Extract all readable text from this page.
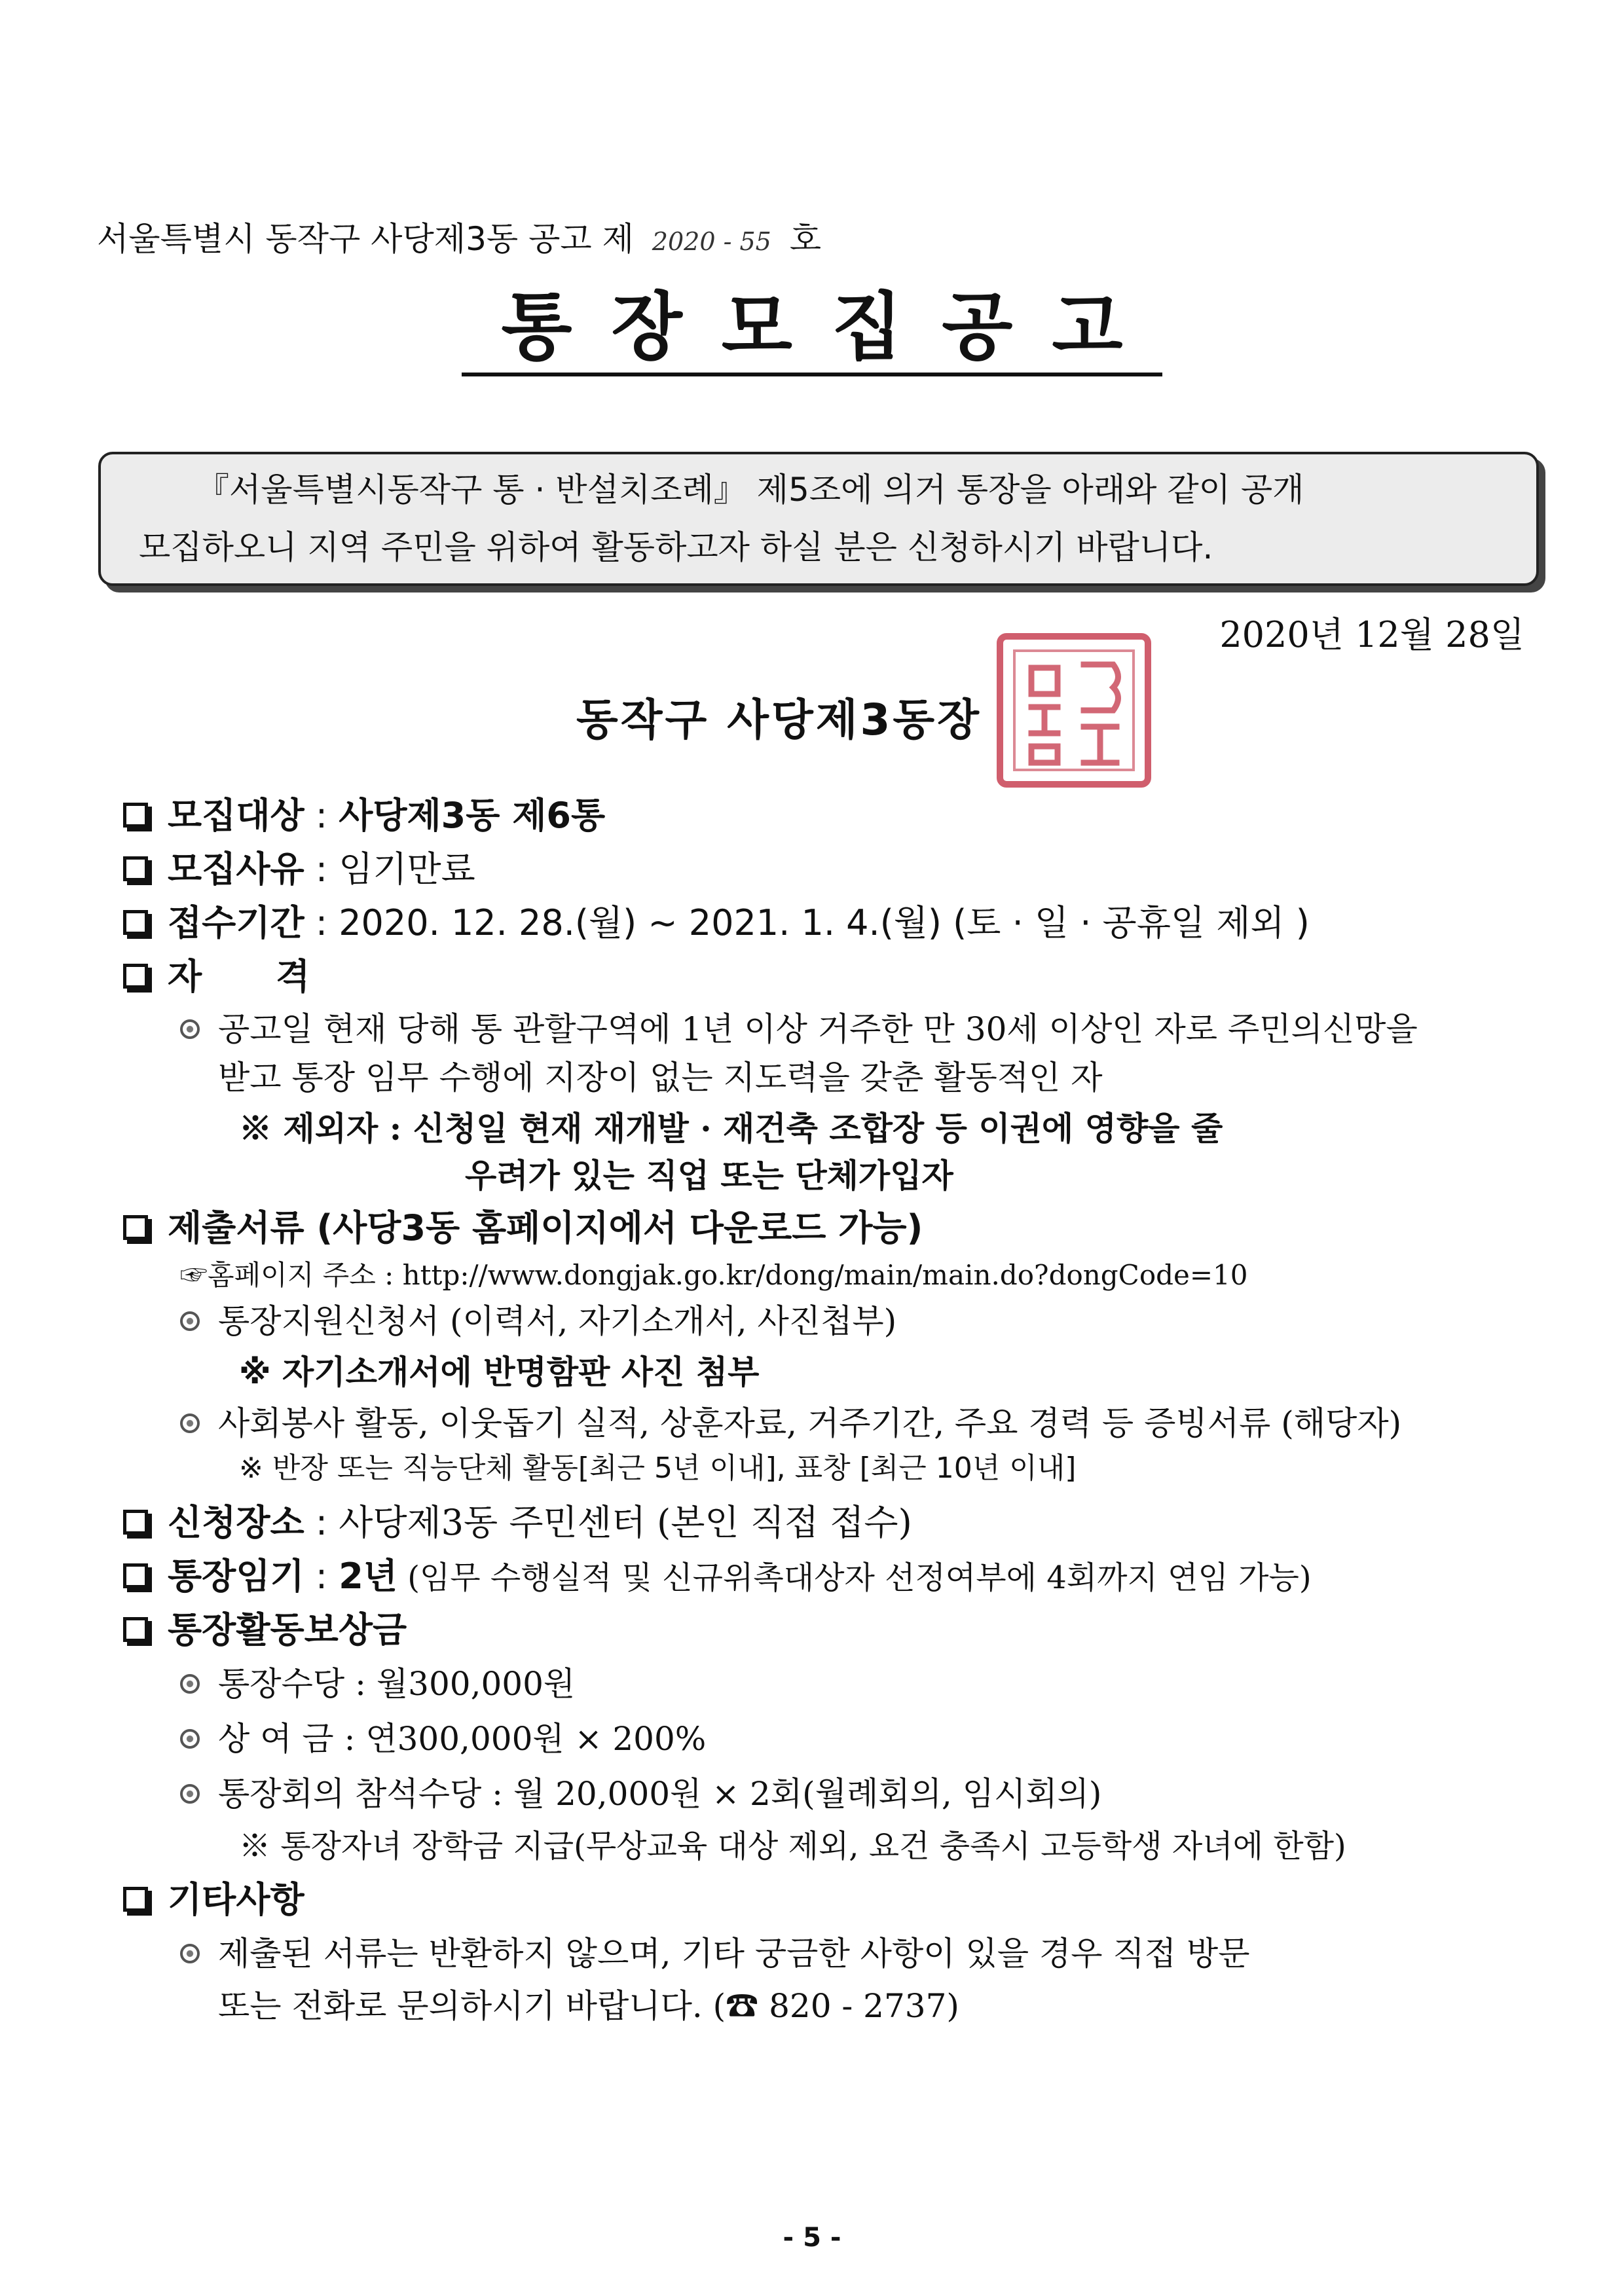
서울특별시 동작구 사당제3동 공고 제 2020 - 55 호
통장모집공고
『서울특별시동작구 통 · 반설치조례』 제5조에 의거 통장을 아래와 같이 공개
모집하오니 지역 주민을 위하여 활동하고자 하실 분은 신청하시기 바랍니다.
2020년 12월 28일
동작구 사당제3동장
모집대상 : 사당제3동 제6통
모집사유 : 임기만료
접수기간 : 2020. 12. 28.(월) ~ 2021. 1. 4.(월) (토 · 일 · 공휴일 제외 )
자      격
공고일 현재 당해 통 관할구역에 1년 이상 거주한 만 30세 이상인 자로 주민의신망을
받고 통장 임무 수행에 지장이 없는 지도력을 갖춘 활동적인 자
※ 제외자 : 신청일 현재 재개발 · 재건축 조합장 등 이권에 영향을 줄
우려가 있는 직업 또는 단체가입자
제출서류 (사당3동 홈페이지에서 다운로드 가능)
☞홈페이지 주소 : http://www.dongjak.go.kr/dong/main/main.do?dongCode=10
통장지원신청서 (이력서, 자기소개서, 사진첩부)
※ 자기소개서에 반명함판 사진 첨부
사회봉사 활동, 이웃돕기 실적, 상훈자료, 거주기간, 주요 경력 등 증빙서류 (해당자)
※ 반장 또는 직능단체 활동[최근 5년 이내], 표창 [최근 10년 이내]
신청장소 : 사당제3동 주민센터 (본인 직접 접수)
통장임기 : 2년 (임무 수행실적 및 신규위촉대상자 선정여부에 4회까지 연임 가능)
통장활동보상금
통장수당 : 월300,000원
상 여 금 : 연300,000원 × 200%
통장회의 참석수당 : 월 20,000원 × 2회(월례회의, 임시회의)
※ 통장자녀 장학금 지급(무상교육 대상 제외, 요건 충족시 고등학생 자녀에 한함)
기타사항
제출된 서류는 반환하지 않으며, 기타 궁금한 사항이 있을 경우 직접 방문
또는 전화로 문의하시기 바랍니다. (☎ 820 - 2737)
- 5 -
